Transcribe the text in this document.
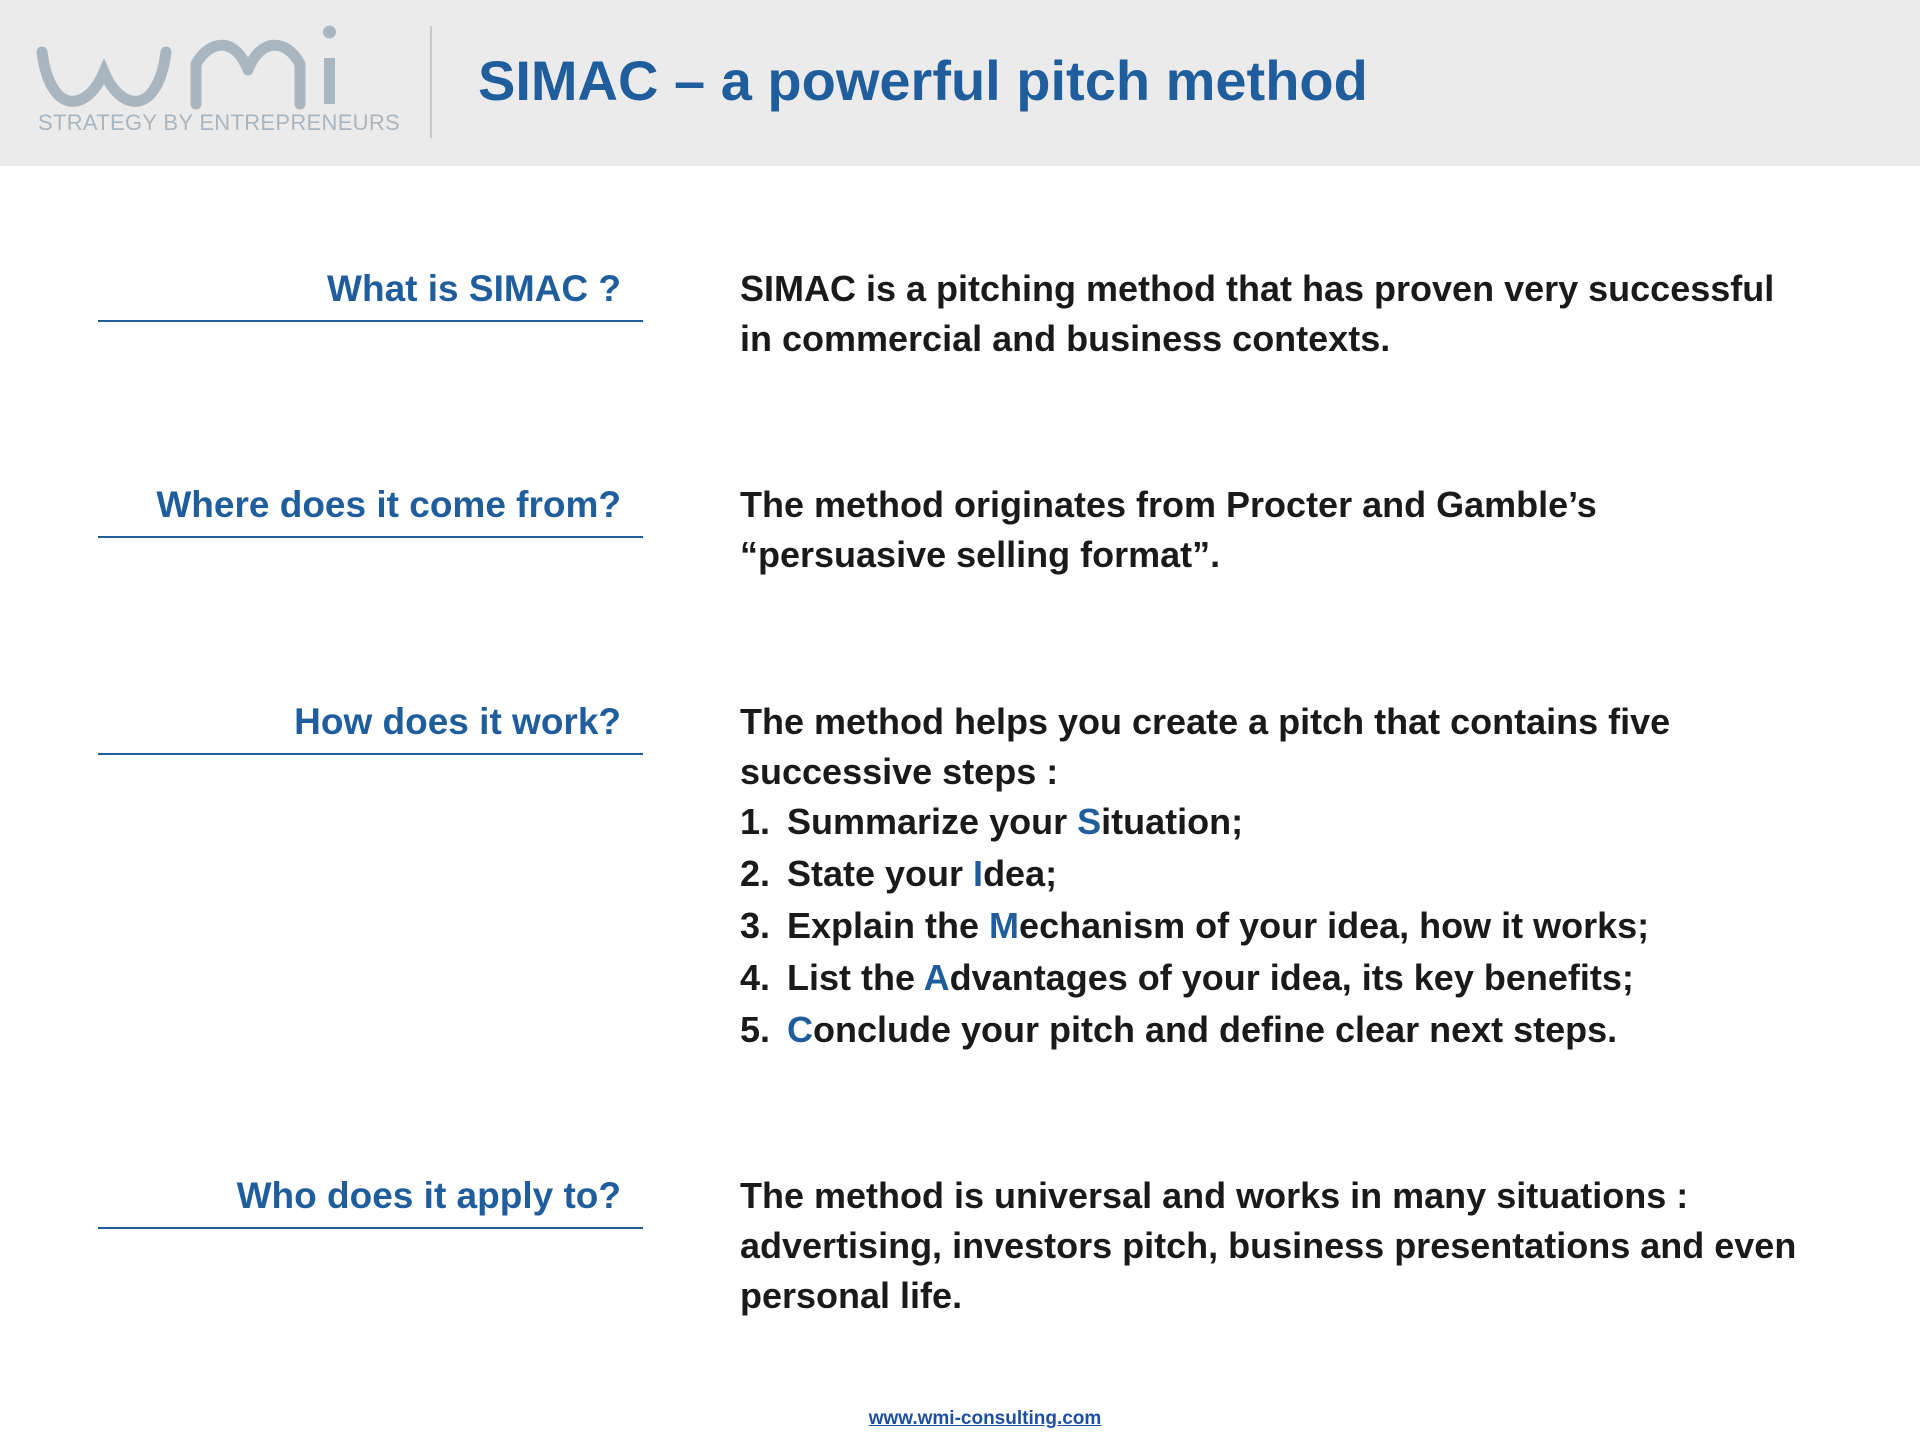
STRATEGY BY ENTREPRENEURS
SIMAC – a powerful pitch method
What is SIMAC ?	SIMAC is a pitching method that has proven very successful in commercial and business contexts.

Where does it come from?	The method originates from Procter and Gamble’s “persuasive selling format”.

How does it work?	The method helps you create a pitch that contains five successive steps :

1. Summarize your Situation;
2. State your Idea;
3. Explain the Mechanism of your idea, how it works;
4. List the Advantages of your idea, its key benefits;
5. Conclude your pitch and define clear next steps.
Who does it apply to?	The method is universal and works in many situations : advertising, investors pitch, business presentations and even personal life.

www.wmi-consulting.com
